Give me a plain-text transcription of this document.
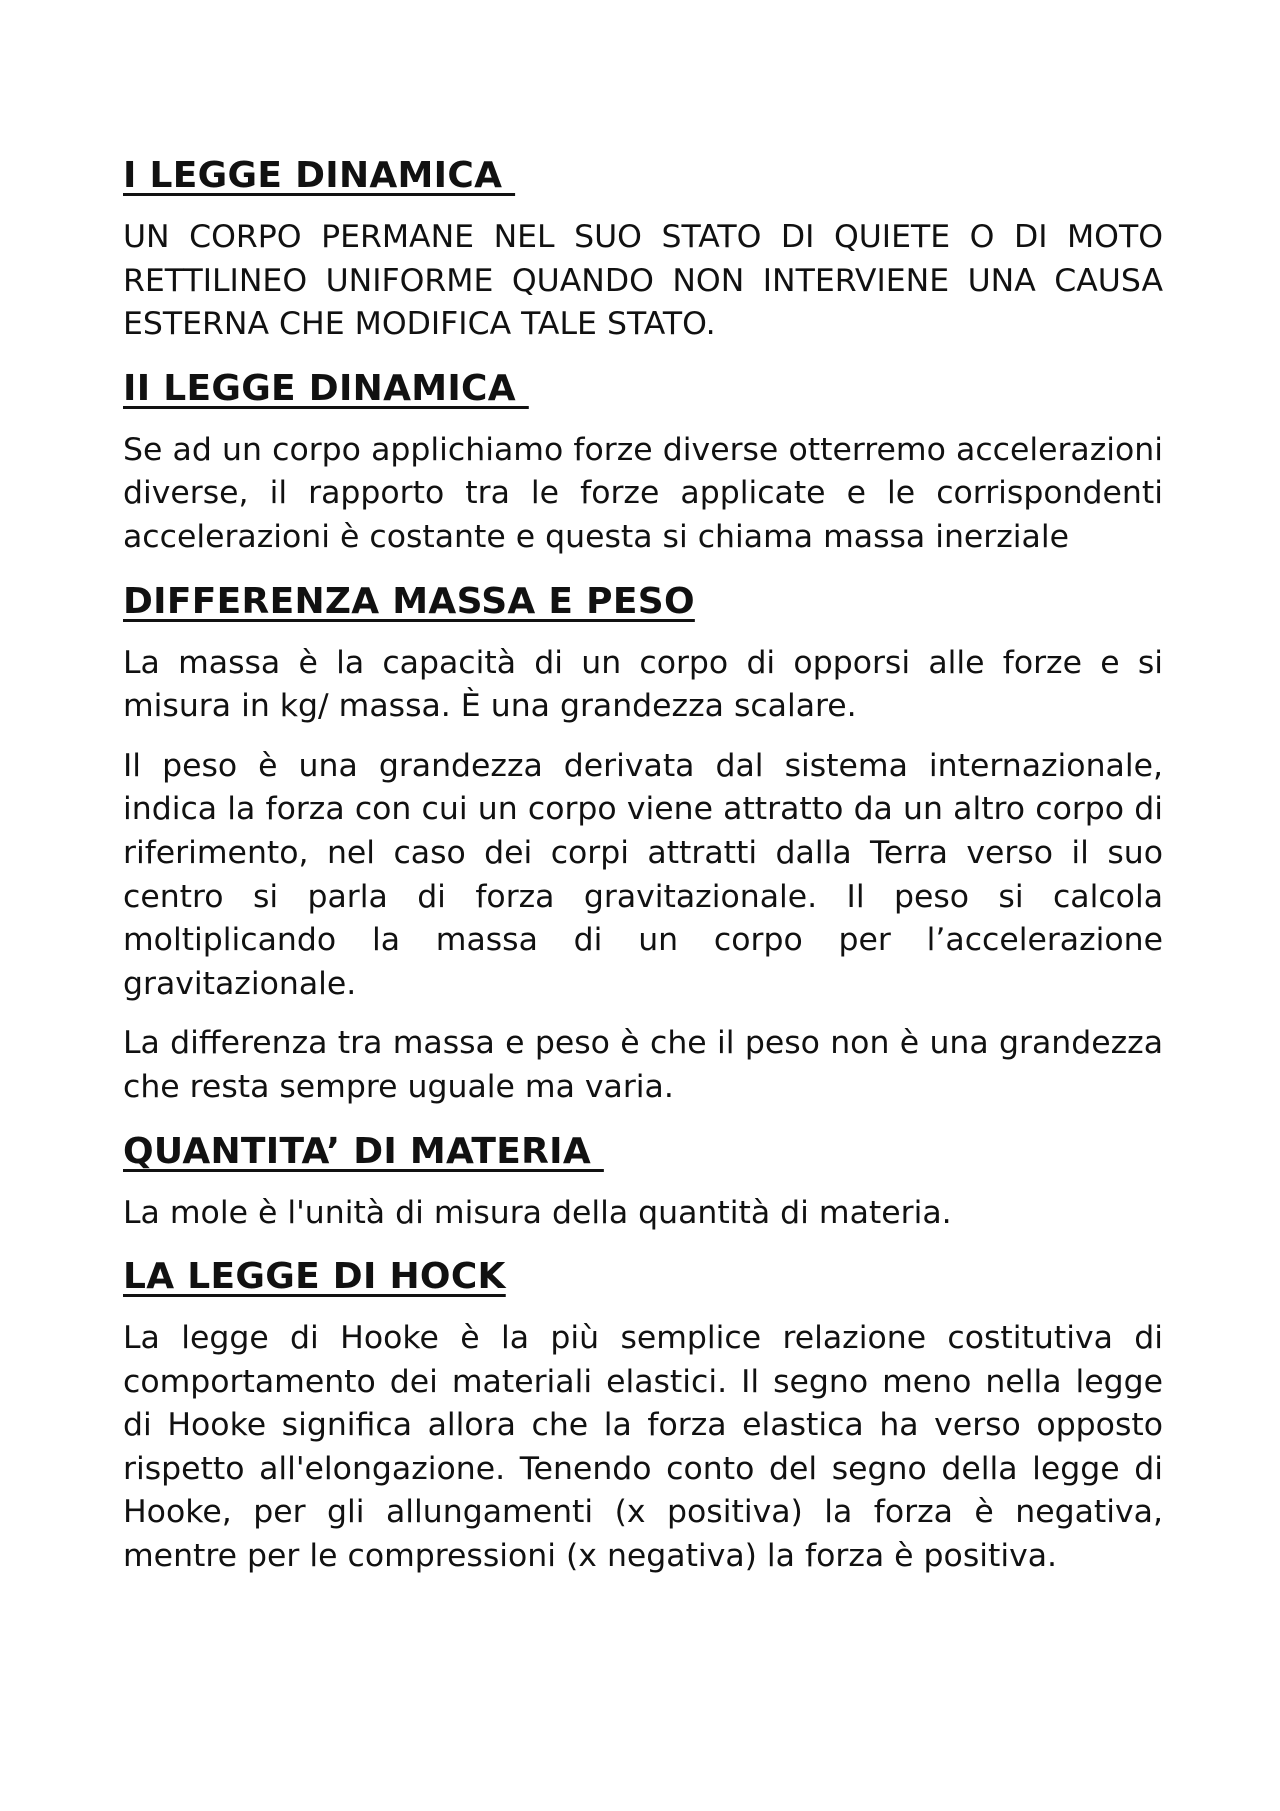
I LEGGE DINAMICA

UN CORPO PERMANE NEL SUO STATO DI QUIETE O DI MOTO RETTILINEO UNIFORME QUANDO NON INTERVIENE UNA CAUSA ESTERNA CHE MODIFICA TALE STATO.

II LEGGE DINAMICA

Se ad un corpo applichiamo forze diverse otterremo accelerazioni diverse, il rapporto tra le forze applicate e le corrispondenti accelerazioni è costante e questa si chiama massa inerziale

DIFFERENZA MASSA E PESO

La massa è la capacità di un corpo di opporsi alle forze e si misura in kg/ massa. È una grandezza scalare.

Il peso è una grandezza derivata dal sistema internazionale, indica la forza con cui un corpo viene attratto da un altro corpo di riferimento, nel caso dei corpi attratti dalla Terra verso il suo centro si parla di forza gravitazionale. Il peso si calcola moltiplicando la massa di un corpo per l’accelerazione gravitazionale.

La differenza tra massa e peso è che il peso non è una grandezza che resta sempre uguale ma varia.

QUANTITA’ DI MATERIA

La mole è l'unità di misura della quantità di materia.

LA LEGGE DI HOCK

La legge di Hooke è la più semplice relazione costitutiva di comportamento dei materiali elastici. Il segno meno nella legge di Hooke significa allora che la forza elastica ha verso opposto rispetto all'elongazione. Tenendo conto del segno della legge di Hooke, per gli allungamenti (x positiva) la forza è negativa, mentre per le compressioni (x negativa) la forza è positiva.
